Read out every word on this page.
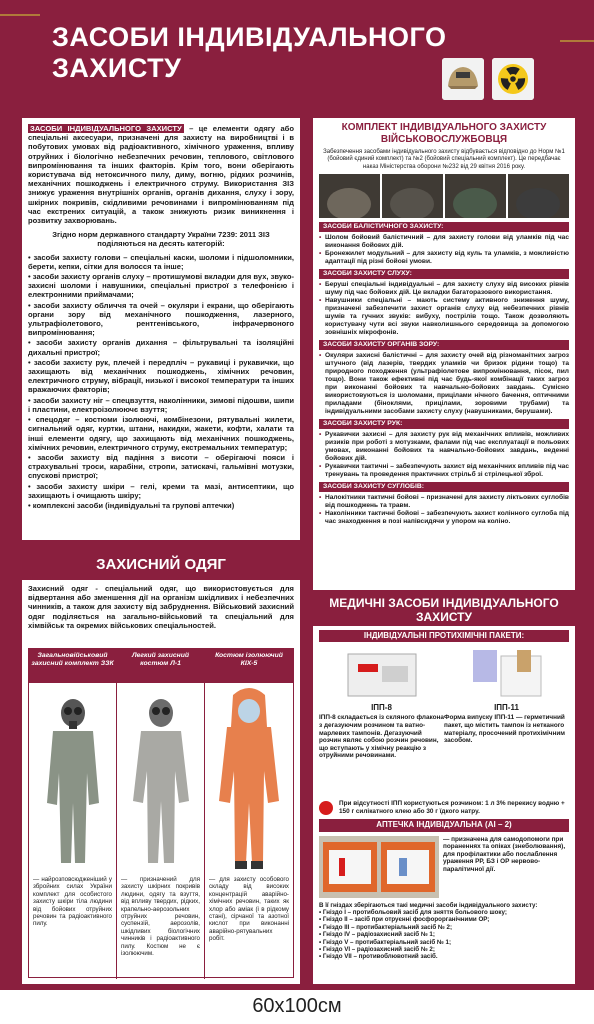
ЗАСОБИ ІНДИВІДУАЛЬНОГО ЗАХИСТУ

ЗАСОБИ ІНДИВІДУАЛЬНОГО ЗАХИСТУ – це елементи одягу або спеціальні аксесуари, призначені для захисту на виробництві і в побутових умовах від радіоактивного, хімічного ураження, впливу отруйних і біологічно небезпечних речовин, теплового, світлового випромінювання та інших факторів. Крім того, вони оберігають користувача від нетоксичного пилу, диму, вогню, рідких розчинів, механічних пошкоджень і електричного струму. Використання ЗІЗ знижує ураження внутрішніх органів, органів дихання, слуху і зору, шкірних покривів, скідливими речовинами і випромінюванням під час екстрених ситуацій, а також знижують ризик виникнення і розвитку захворювань.

Згідно норм державного стандарту України 7239: 2011 ЗІЗ поділяються на десять категорій:

• засоби захисту голови – спеціальні каски, шоломи і підшоломники, берети, кепки, сітки для волосся та інше;
• засоби захисту органів слуху – протишумові вкладки для вух, звуко-захисні шоломи і навушники, спеціальні пристрої з телефонією і електронними приймачами;
• засоби захисту обличчя та очей – окуляри і екрани, що оберігають органи зору від механічного пошкодження, лазерного, ультрафіолетового, рентгенівського, інфрачервоного випромінювання;
• засоби захисту органів дихання – фільтрувальні та ізоляційні дихальні пристрої;
• засоби захисту рук, плечей і передпліч – рукавиці і рукавички, що захищають від механічних пошкоджень, хімічних речовин, електричного струму, вібрації, низької і високої температури та інших вражаючих факторів;
• засоби захисту ніг – спецвзуття, наколінники, зимові підошви, шипи і пластини, електроізолюючє взуття;
• спецодяг – костюми ізолюючі, комбінезони, рятувальні жилети, сигнальний одяг, куртки, штани, накидки, жакети, кофти, халати та інші елементи одягу, що захищають від механічних пошкоджень, хімічних речовин, електричного струму, екстремальних температур;
• засоби захисту від падіння з висоти – оберігаючі пояси і страхувальні троси, карабіни, стропи, затискачі, гальмівні мотузки, спускові пристрої;
• засоби захисту шкіри – гелі, креми та мазі, антисептики, що захищають і очищають шкіру;
• комплексні засоби (індивідуальні та групові аптечки)
ЗАХИСНИЙ ОДЯГ

Захисний одяг - спеціальний одяг, що використовується для відвертання або зменшення дії на організм шкідливих і небезпечних чинників, а також для захисту від забруднення. Військовий захисний одяг поділяється на загально-військовий та спеціальний для хімвійськ та окремих військових спеціальностей.

Загальновійськовий захисний комплект ЗЗК
— найрозповсюдженіший у збройних силах України комплект для особистого захисту шкіри тіла людини від бойових отруйних речовин та радіоактивного пилу.
Легкий захисний костюм Л-1
— призначений для захисту шкірних покривів людини, одягу та взуття, від впливу твердих, рідких, крапельно-аерозольних отруйних речовин, суспензій, аерозолів, шкідливих біологічних чинників і радіоактивного пилу. Костюм не є ізолюючим.
Костюм ізолюючий КІХ-5
— для захисту особового складу від високих концентрацій аварійно-хімічних речовин, таких як хлор або аміак (і в рідкому стані), сірчаної та азотної кислот при виконанні аварійно-рятувальних робіт.
КОМПЛЕКТ ІНДИВІДУАЛЬНОГО ЗАХИСТУ ВІЙСЬКОВОСЛУЖБОВЦЯ
Забезпечення засобами індивідуального захисту відбувається відповідно до Норм №1 (бойовий єдиний комплект) та №2 (бойовий спеціальний комплект). Це передбачає наказ Міністерства оборони №232 від 29 квітня 2016 року.
ЗАСОБИ БАЛІСТИЧНОГО ЗАХИСТУ:
• Шолом бойовий балістичний – для захисту голови від уламків під час виконання бойових дій.
• Бронежилет модульний – для захисту від куль та уламків, з можливістю адаптації під різні бойові умови.
ЗАСОБИ ЗАХИСТУ СЛУХУ:
• Беруші спеціальні індивідуальні – для захисту слуху від високих рівнів шуму під час бойових дій. Це вкладки багаторазового використання.
• Навушники спеціальні – мають систему активного зниження шуму, призначені забезпечити захист органів слуху від небезпечних рівнів шумів та гучних звуків: вибуху, пострілів тощо. Також дозволяють користувачу чути всі звуки навколишнього середовища за допомогою зовнішніх мікрофонів.
ЗАСОБИ ЗАХИСТУ ОРГАНІВ ЗОРУ:
• Окуляри захисні балістичні – для захисту очей від різноманітних загроз штучного (від лазерів, твердих уламків чи бризок рідини тощо) та природного походження (ультрафіолетове випромінювання, пісок, пил тощо). Вони також ефективні під час будь-якої комбінації таких загроз при виконанні бойових та навчально-бойових завдань. Сумісно використовуються із шоломами, прицілами нічного бачення, оптичними приладами (біноклями, прицілами, зоровими трубами) та індивідуальними засобами захисту слуху (навушниками, берушами).
ЗАСОБИ ЗАХИСТУ РУК:
• Рукавички захисні – для захисту рук від механічних впливів, можливих ризиків при роботі з мотузками, фалами під час експлуатації в польових умовах, виконанні бойових та навчально-бойових завдань, веденні бойових дій.
• Рукавички тактичні – забезпечують захист від механічних впливів під час тренувань та проведення практичних стрільб зі стрілецької зброї.
ЗАСОБИ ЗАХИСТУ СУГЛОБІВ:
• Налокітники тактичні бойові – призначені для захисту ліктьових суглобів від пошкоджень та травм.
• Наколінники тактичні бойові – забезпечують захист колінного суглоба під час знаходження в позі напівсидячи у упором на коліно.
МЕДИЧНІ ЗАСОБИ ІНДИВІДУАЛЬНОГО ЗАХИСТУ
ІНДИВІДУАЛЬНІ ПРОТИХІМІЧНІ ПАКЕТИ:
ІПП-8
ІПП-8 складається із скляного флакона з дегазуючим розчином та ватно-марлевих тампонів. Дегазуючий розчин являє собою розчин речовин, що вступають у хімічну реакцію з отруйними речовинами.
ІПП-11
Форма випуску ІПП-11 — герметичний пакет, що містить тампон із нетканого матеріалу, просочений протихімічним засобом.
При відсутності ІПП користуються розчином: 1 л 3% перекису водню + 150 г силікатного клею або 30 г їдкого натру.
АПТЕЧКА ІНДИВІДУАЛЬНА (АІ – 2)
— призначена для самодопомоги при пораненнях та опіках (знеболювання), для профілактики або послаблення ураження РР, БЗ і ОР нервово-паралітичної дії.
В її гніздах зберігаються такі медичні засоби індивідуального захисту:
• Гніздо I – протибольовий засіб для зняття больового шоку;
• Гніздо II – засіб при отруєнні фосфорорганічними ОР;
• Гніздо III – протибактеріальний засіб № 2;
• Гніздо IV – радіозахисний засіб № 1;
• Гніздо V – протибактеріальний засіб № 1;
• Гніздо VI – радіозахисний засіб № 2;
• Гніздо VII – противоблювотний засіб.
60x100см
